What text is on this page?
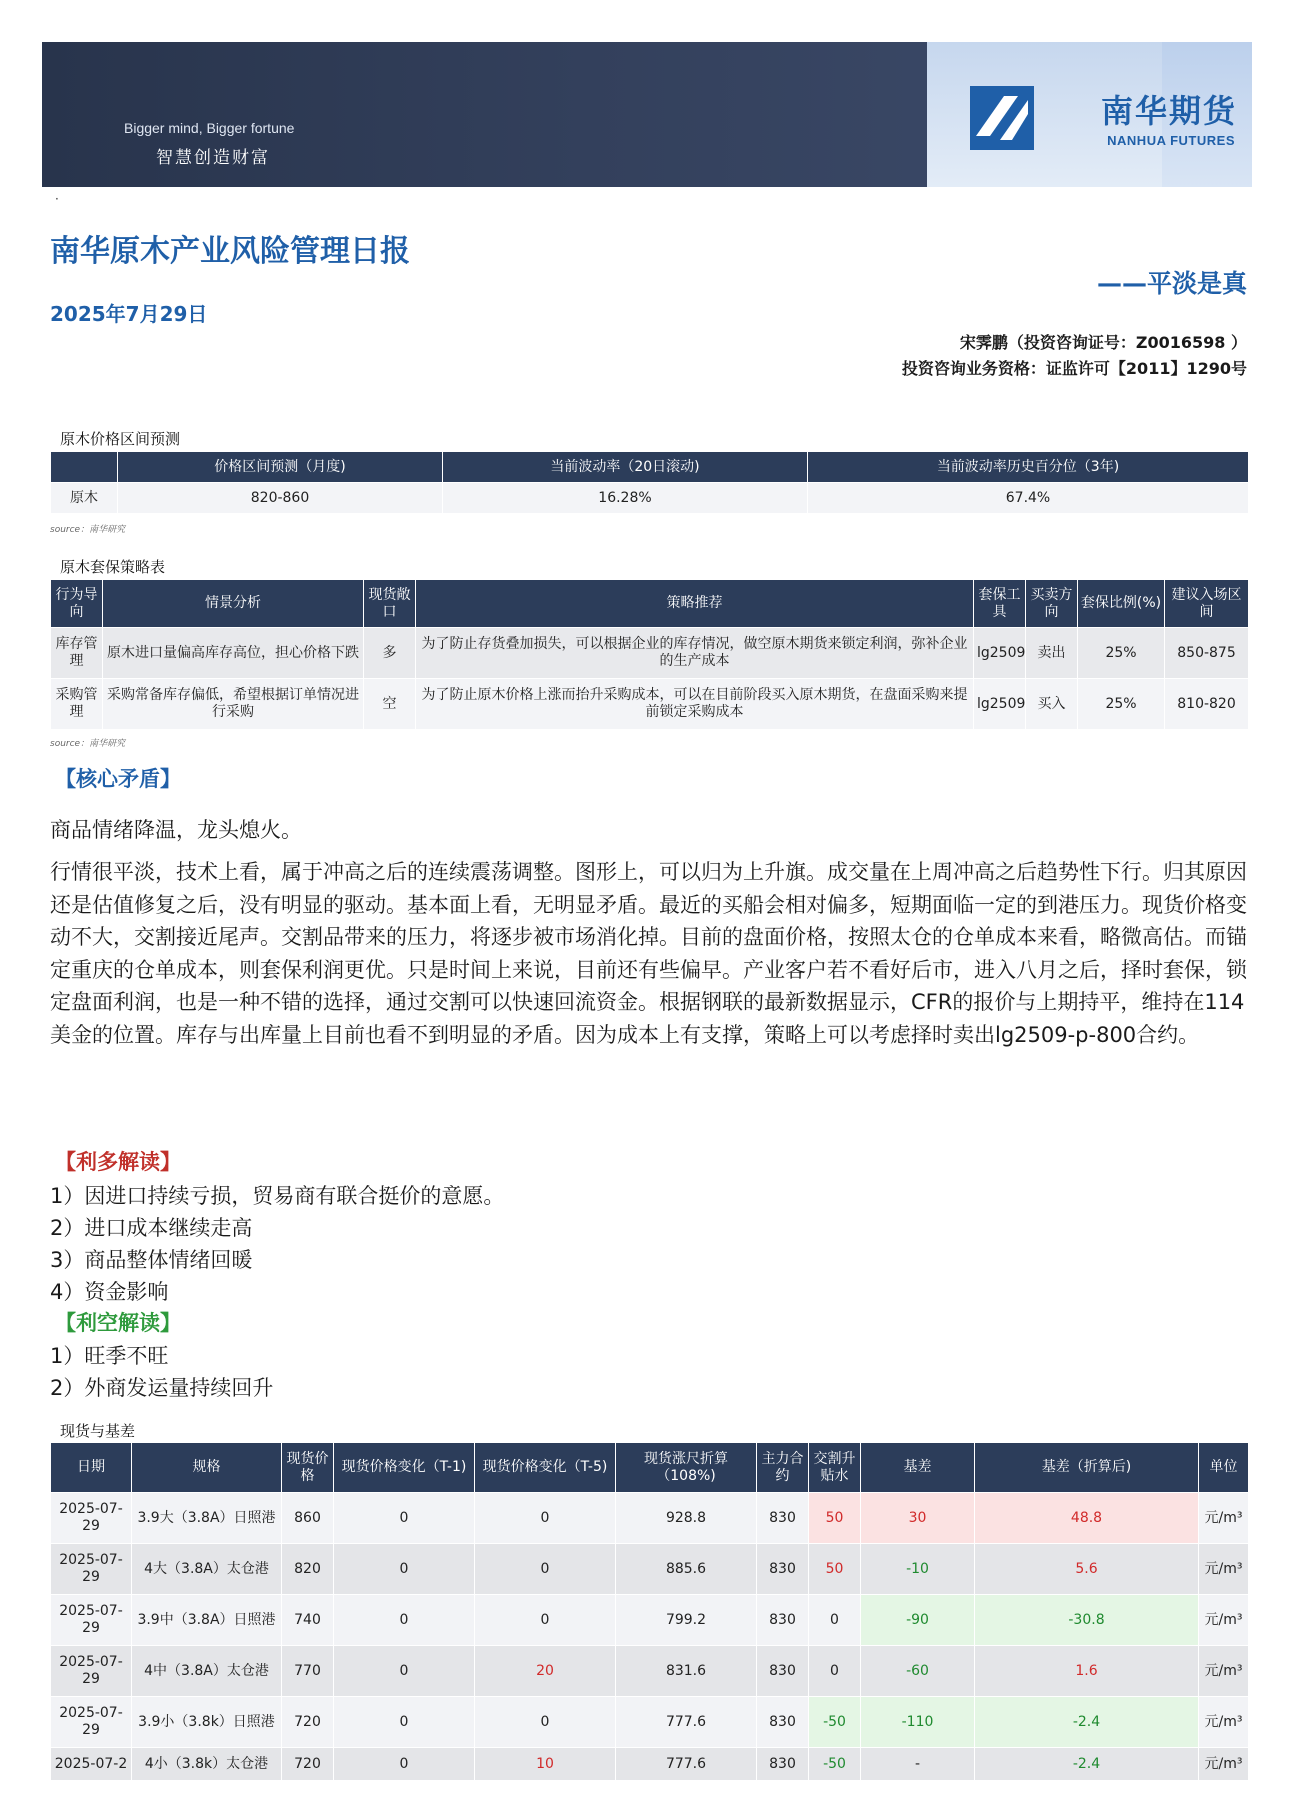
Bigger mind, Bigger fortune
智慧创造财富
南华期货
NANHUA FUTURES
·
南华原木产业风险管理日报
——平淡是真
2025年7月29日
宋霁鹏（投资咨询证号：Z0016598 ）
投资咨询业务资格：证监许可【2011】1290号
原木价格区间预测
	价格区间预测（月度)	当前波动率（20日滚动)	当前波动率历史百分位（3年)
原木	820-860	16.28%	67.4%
source：南华研究
原木套保策略表
行为导向	情景分析	现货敞口	策略推荐	套保工具	买卖方向	套保比例(%)	建议入场区间
库存管理	原木进口量偏高库存高位，担心价格下跌	多	为了防止存货叠加损失，可以根据企业的库存情况，做空原木期货来锁定利润，弥补企业的生产成本	lg2509	卖出	25%	850-875
采购管理	采购常备库存偏低，希望根据订单情况进行采购	空	为了防止原木价格上涨而抬升采购成本，可以在目前阶段买入原木期货，在盘面采购来提前锁定采购成本	lg2509	买入	25%	810-820
source：南华研究
【核心矛盾】
商品情绪降温，龙头熄火。
行情很平淡，技术上看，属于冲高之后的连续震荡调整。图形上，可以归为上升旗。成交量在上周冲高之后趋势性下行。归其原因还是估值修复之后，没有明显的驱动。基本面上看，无明显矛盾。最近的买船会相对偏多，短期面临一定的到港压力。现货价格变动不大，交割接近尾声。交割品带来的压力，将逐步被市场消化掉。目前的盘面价格，按照太仓的仓单成本来看，略微高估。而锚定重庆的仓单成本，则套保利润更优。只是时间上来说，目前还有些偏早。产业客户若不看好后市，进入八月之后，择时套保，锁定盘面利润，也是一种不错的选择，通过交割可以快速回流资金。根据钢联的最新数据显示，CFR的报价与上期持平，维持在114美金的位置。库存与出库量上目前也看不到明显的矛盾。因为成本上有支撑，策略上可以考虑择时卖出lg2509-p-800合约。
【利多解读】
1）因进口持续亏损，贸易商有联合挺价的意愿。
2）进口成本继续走高
3）商品整体情绪回暖
4）资金影响
【利空解读】
1）旺季不旺
2）外商发运量持续回升
现货与基差
日期	规格	现货价格	现货价格变化（T-1)	现货价格变化（T-5)	现货涨尺折算（108%)	主力合约	交割升贴水	基差	基差（折算后)	单位
2025-07-29	3.9大（3.8A）日照港	860	0	0	928.8	830	50	30	48.8	元/m³
2025-07-29	4大（3.8A）太仓港	820	0	0	885.6	830	50	-10	5.6	元/m³
2025-07-29	3.9中（3.8A）日照港	740	0	0	799.2	830	0	-90	-30.8	元/m³
2025-07-29	4中（3.8A）太仓港	770	0	20	831.6	830	0	-60	1.6	元/m³
2025-07-29	3.9小（3.8k）日照港	720	0	0	777.6	830	-50	-110	-2.4	元/m³
2025-07-2	4小（3.8k）太仓港	720	0	10	777.6	830	-50	-	-2.4	元/m³
